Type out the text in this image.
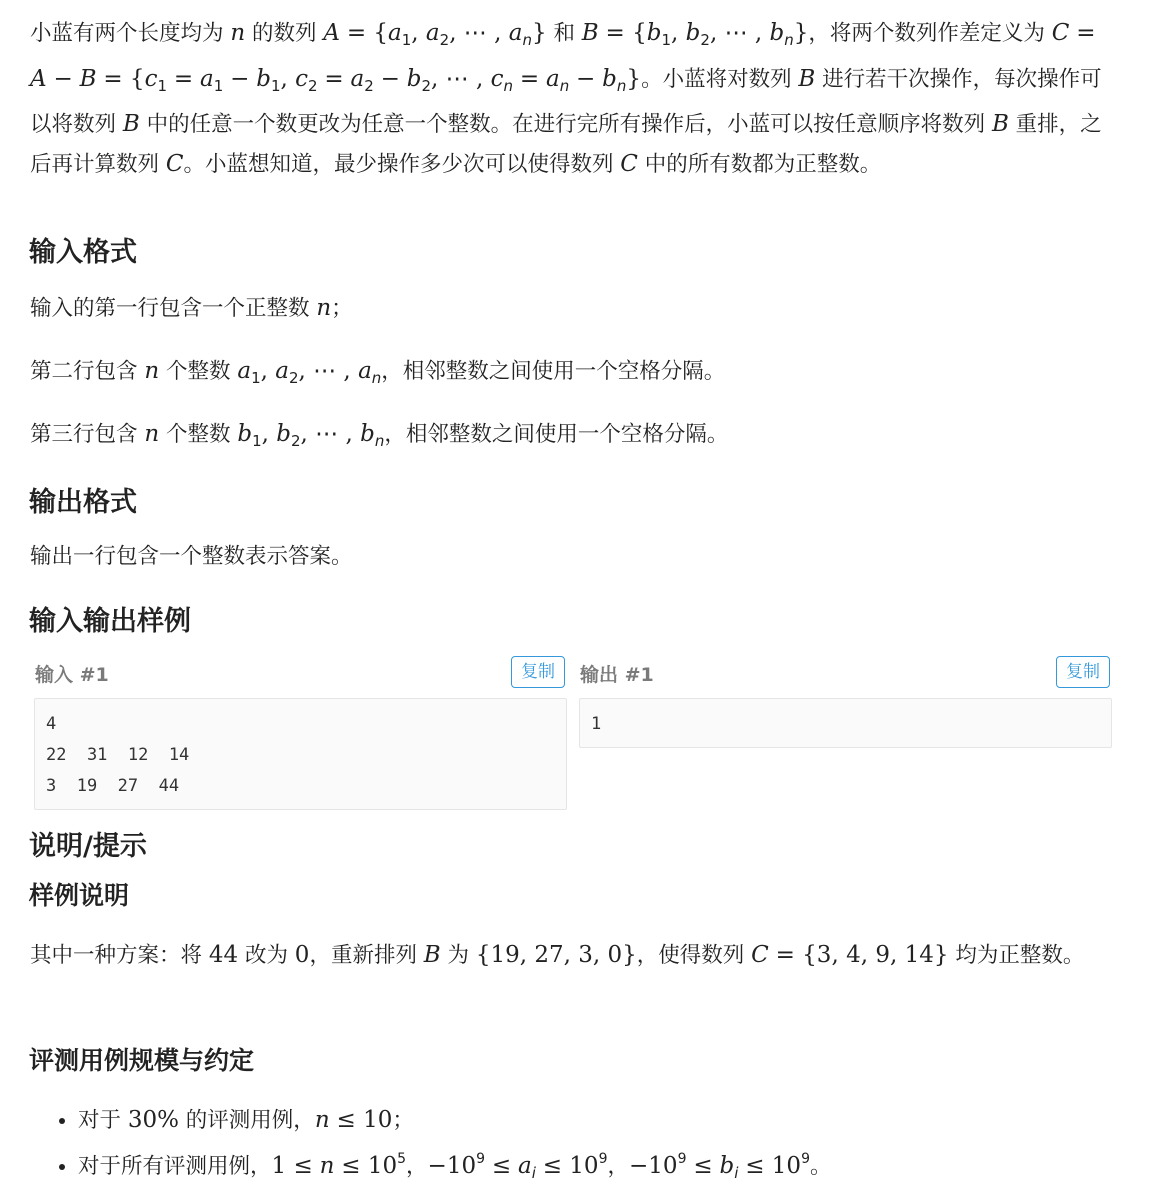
小蓝有两个长度均为 n 的数列 $A = \{a_1$, $a_2$, ⋯ , $a_n$} 和 $B = \{b_1$, $b_2$, ⋯ , $b_n$}，将两个数列作差定义为 $C = A - B = \{c_1 = a_1 - b_1$, $c_2 = a_2 - b_2$, ⋯ , $c_n = a_n - b_n$}。小蓝将对数列 B 进行若干次操作，每次操作可以将数列 B 中的任意一个数更改为任意一个整数。在进行完所有操作后，小蓝可以按任意顺序将数列 B 重排，之后再计算数列 C。小蓝想知道，最少操作多少次可以使得数列 C 中的所有数都为正整数。

输入格式

输入的第一行包含一个正整数 n；

第二行包含 n 个整数 $a_1$, $a_2$, ⋯ , $a_n$，相邻整数之间使用一个空格分隔。

第三行包含 n 个整数 $b_1$, $b_2$, ⋯ , $b_n$，相邻整数之间使用一个空格分隔。

输出格式

输出一行包含一个整数表示答案。

输入输出样例
输入 #1	复制
4
22  31  12  14
3  19  27  44
输出 #1	复制
1
说明/提示
样例说明

其中一种方案：将 44 改为 0，重新排列 B 为 {19, 27, 3, 0}，使得数列 C = {3, 4, 9, 14} 均为正整数。

评测用例规模与约定
• 对于 30% 的评测用例，n ≤ 10；
• 对于所有评测用例，$1 \le n \le 10^5$，$-10^9 \le a_i \le 10^9$，$-10^9 \le b_i \le 10^9$。
